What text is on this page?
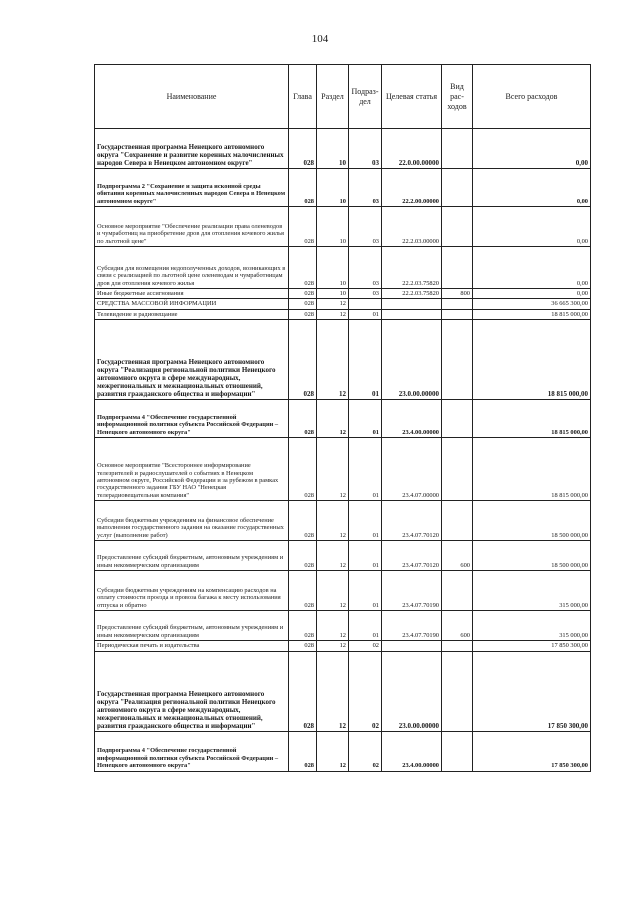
104
Наименование	Глава	Раздел	Подраз-дел	Целевая статья	Вид рас-ходов	Всего расходов
Государственная программа Ненецкого автономного округа "Сохранение и развитие коренных малочисленных народов Севера в Ненецком автономном округе"	028	10	03	22.0.00.00000		0,00
Подпрограмма 2 "Сохранение и защита исконной среды обитания коренных малочисленных народов Севера в Ненецком автономном округе"	028	10	03	22.2.00.00000		0,00
Основное мероприятие "Обеспечение реализации права оленеводов и чумработниц на приобретение дров для отопления кочевого жилья по льготной цене"	028	10	03	22.2.03.00000		0,00
Субсидия для возмещения недополученных доходов, возникающих в связи с реализацией по льготной цене оленеводам и чумработницам дров для отопления кочевого жилья	028	10	03	22.2.03.75820		0,00
Иные бюджетные ассигнования	028	10	03	22.2.03.75820	800	0,00
СРЕДСТВА МАССОВОЙ ИНФОРМАЦИИ	028	12				36 665 300,00
Телевидение и радиовещание	028	12	01			18 815 000,00
Государственная программа Ненецкого автономного округа "Реализация региональной политики Ненецкого автономного округа в сфере международных, межрегиональных и межнациональных отношений, развития гражданского общества и информации"	028	12	01	23.0.00.00000		18 815 000,00
Подпрограмма 4 "Обеспечение государственной информационной политики субъекта Российской Федерации – Ненецкого автономного округа"	028	12	01	23.4.00.00000		18 815 000,00
Основное мероприятие "Всестороннее информирование телезрителей и радиослушателей о событиях в Ненецком автономном округе, Российской Федерации и за рубежом в рамках государственного задания ГБУ НАО "Ненецкая телерадиовещательная компания"	028	12	01	23.4.07.00000		18 815 000,00
Субсидии бюджетным учреждениям на финансовое обеспечение выполнения государственного задания на оказание государственных услуг (выполнение работ)	028	12	01	23.4.07.70120		18 500 000,00
Предоставление субсидий бюджетным, автономным учреждениям и иным некоммерческим организациям	028	12	01	23.4.07.70120	600	18 500 000,00
Субсидии бюджетным учреждениям на компенсацию расходов на оплату стоимости проезда и провоза багажа к месту использования отпуска и обратно	028	12	01	23.4.07.70190		315 000,00
Предоставление субсидий бюджетным, автономным учреждениям и иным некоммерческим организациям	028	12	01	23.4.07.70190	600	315 000,00
Периодическая печать и издательства	028	12	02			17 850 300,00
Государственная программа Ненецкого автономного округа "Реализация региональной политики Ненецкого автономного округа в сфере международных, межрегиональных и межнациональных отношений, развития гражданского общества и информации"	028	12	02	23.0.00.00000		17 850 300,00
Подпрограмма 4 "Обеспечение государственной информационной политики субъекта Российской Федерации – Ненецкого автономного округа"	028	12	02	23.4.00.00000		17 850 300,00
